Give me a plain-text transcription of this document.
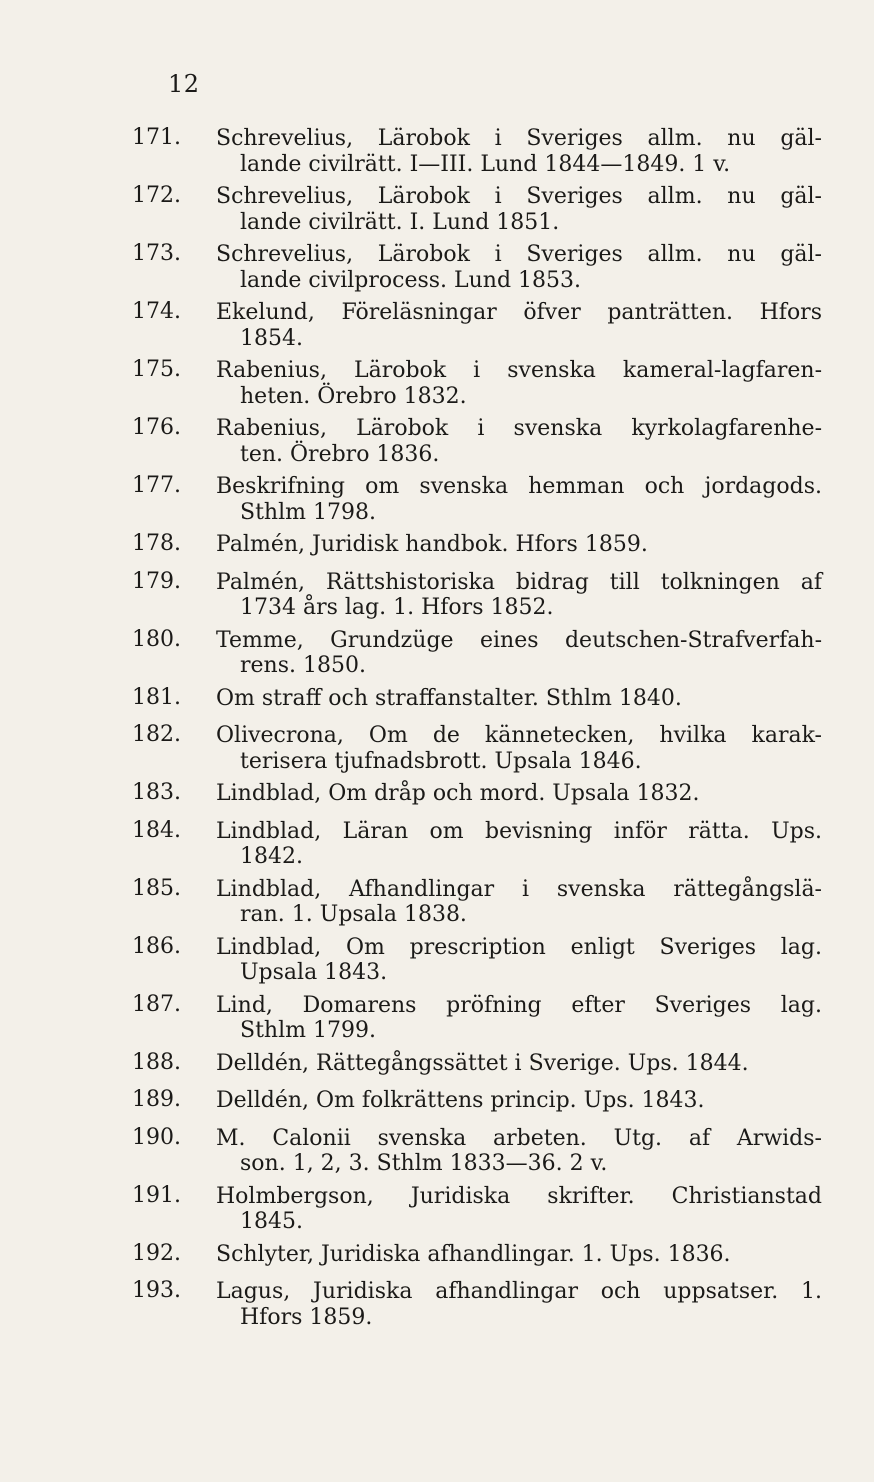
12
171.	Schrevelius, Lärobok i Sveriges allm. nu gäl-
lande civilrätt. I—III. Lund 1844—1849. 1 v.
172.	Schrevelius, Lärobok i Sveriges allm. nu gäl-
lande civilrätt. I. Lund 1851.
173.	Schrevelius, Lärobok i Sveriges allm. nu gäl-
lande civilprocess. Lund 1853.
174.	Ekelund, Föreläsningar öfver panträtten. Hfors
1854.
175.	Rabenius, Lärobok i svenska kameral-lagfaren-
heten. Örebro 1832.
176.	Rabenius, Lärobok i svenska kyrkolagfarenhe-
ten. Örebro 1836.
177.	Beskrifning om svenska hemman och jordagods.
Sthlm 1798.
178.	Palmén, Juridisk handbok. Hfors 1859.
179.	Palmén, Rättshistoriska bidrag till tolkningen af
1734 års lag. 1. Hfors 1852.
180.	Temme, Grundzüge eines deutschen-Strafverfah-
rens. 1850.
181.	Om straff och straffanstalter. Sthlm 1840.
182.	Olivecrona, Om de kännetecken, hvilka karak-
terisera tjufnadsbrott. Upsala 1846.
183.	Lindblad, Om dråp och mord. Upsala 1832.
184.	Lindblad, Läran om bevisning inför rätta. Ups.
1842.
185.	Lindblad, Afhandlingar i svenska rättegångslä-
ran. 1. Upsala 1838.
186.	Lindblad, Om prescription enligt Sveriges lag.
Upsala 1843.
187.	Lind, Domarens pröfning efter Sveriges lag.
Sthlm 1799.
188.	Delldén, Rättegångssättet i Sverige. Ups. 1844.
189.	Delldén, Om folkrättens princip. Ups. 1843.
190.	M. Calonii svenska arbeten. Utg. af Arwids-
son. 1, 2, 3. Sthlm 1833—36. 2 v.
191.	Holmbergson, Juridiska skrifter. Christianstad
1845.
192.	Schlyter, Juridiska afhandlingar. 1. Ups. 1836.
193.	Lagus, Juridiska afhandlingar och uppsatser. 1.
Hfors 1859.
